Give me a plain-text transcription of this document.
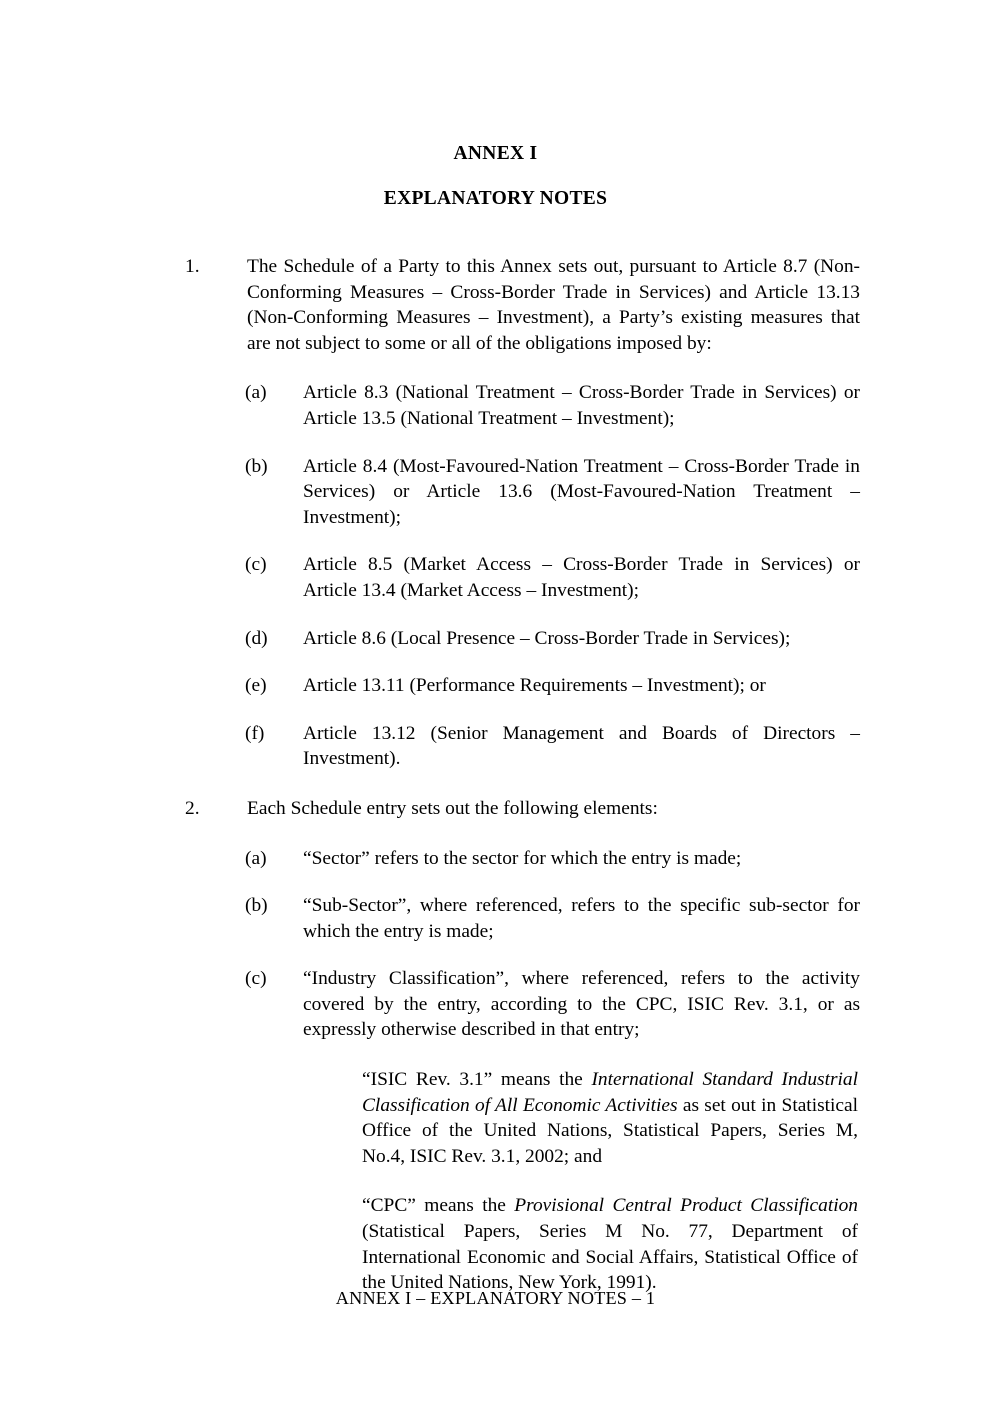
ANNEX I
EXPLANATORY NOTES
1.	The Schedule of a Party to this Annex sets out, pursuant to Article 8.7 (Non-Conforming Measures – Cross-Border Trade in Services) and Article 13.13 (Non-Conforming Measures – Investment), a Party’s existing measures that are not subject to some or all of the obligations imposed by:
(a)	Article 8.3 (National Treatment – Cross-Border Trade in Services) or Article 13.5 (National Treatment – Investment);
(b)	Article 8.4 (Most-Favoured-Nation Treatment – Cross-Border Trade in Services) or Article 13.6 (Most-Favoured-Nation Treatment – Investment);
(c)	Article 8.5 (Market Access – Cross-Border Trade in Services) or Article 13.4 (Market Access – Investment);
(d)	Article 8.6 (Local Presence – Cross-Border Trade in Services);
(e)	Article 13.11 (Performance Requirements – Investment); or
(f)	Article 13.12 (Senior Management and Boards of Directors – Investment).
2.	Each Schedule entry sets out the following elements:
(a)	“Sector” refers to the sector for which the entry is made;
(b)	“Sub-Sector”, where referenced, refers to the specific sub-sector for which the entry is made;
(c)	“Industry Classification”, where referenced, refers to the activity covered by the entry, according to the CPC, ISIC Rev. 3.1, or as expressly otherwise described in that entry;
“ISIC Rev. 3.1” means the International Standard Industrial Classification of All Economic Activities as set out in Statistical Office of the United Nations, Statistical Papers, Series M, No.4, ISIC Rev. 3.1, 2002; and
“CPC” means the Provisional Central Product Classification (Statistical Papers, Series M No. 77, Department of International Economic and Social Affairs, Statistical Office of the United Nations, New York, 1991).
ANNEX I – EXPLANATORY NOTES – 1
